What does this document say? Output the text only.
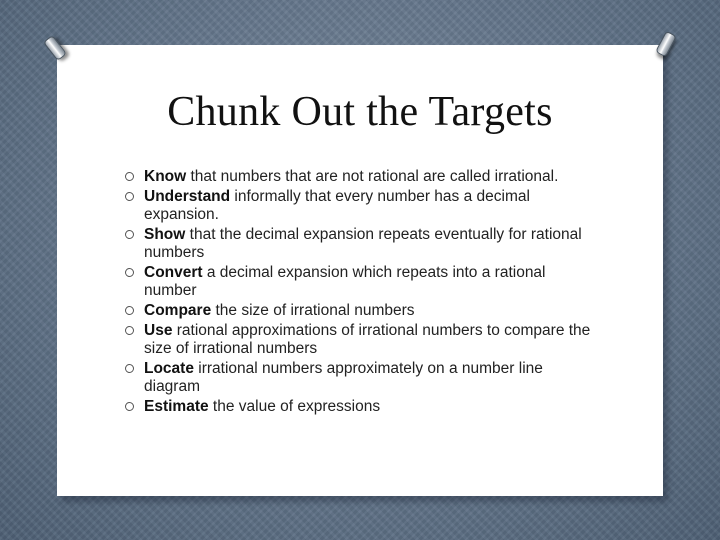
Chunk Out the Targets
Know that numbers that are not rational are called irrational.
Understand informally that every number has a decimal expansion.
Show that the decimal expansion repeats eventually for rational numbers
Convert a decimal expansion which repeats into a rational number
Compare the size of irrational numbers
Use rational approximations of irrational numbers to compare the size of irrational numbers
Locate irrational numbers approximately on a number line diagram
Estimate the value of expressions
